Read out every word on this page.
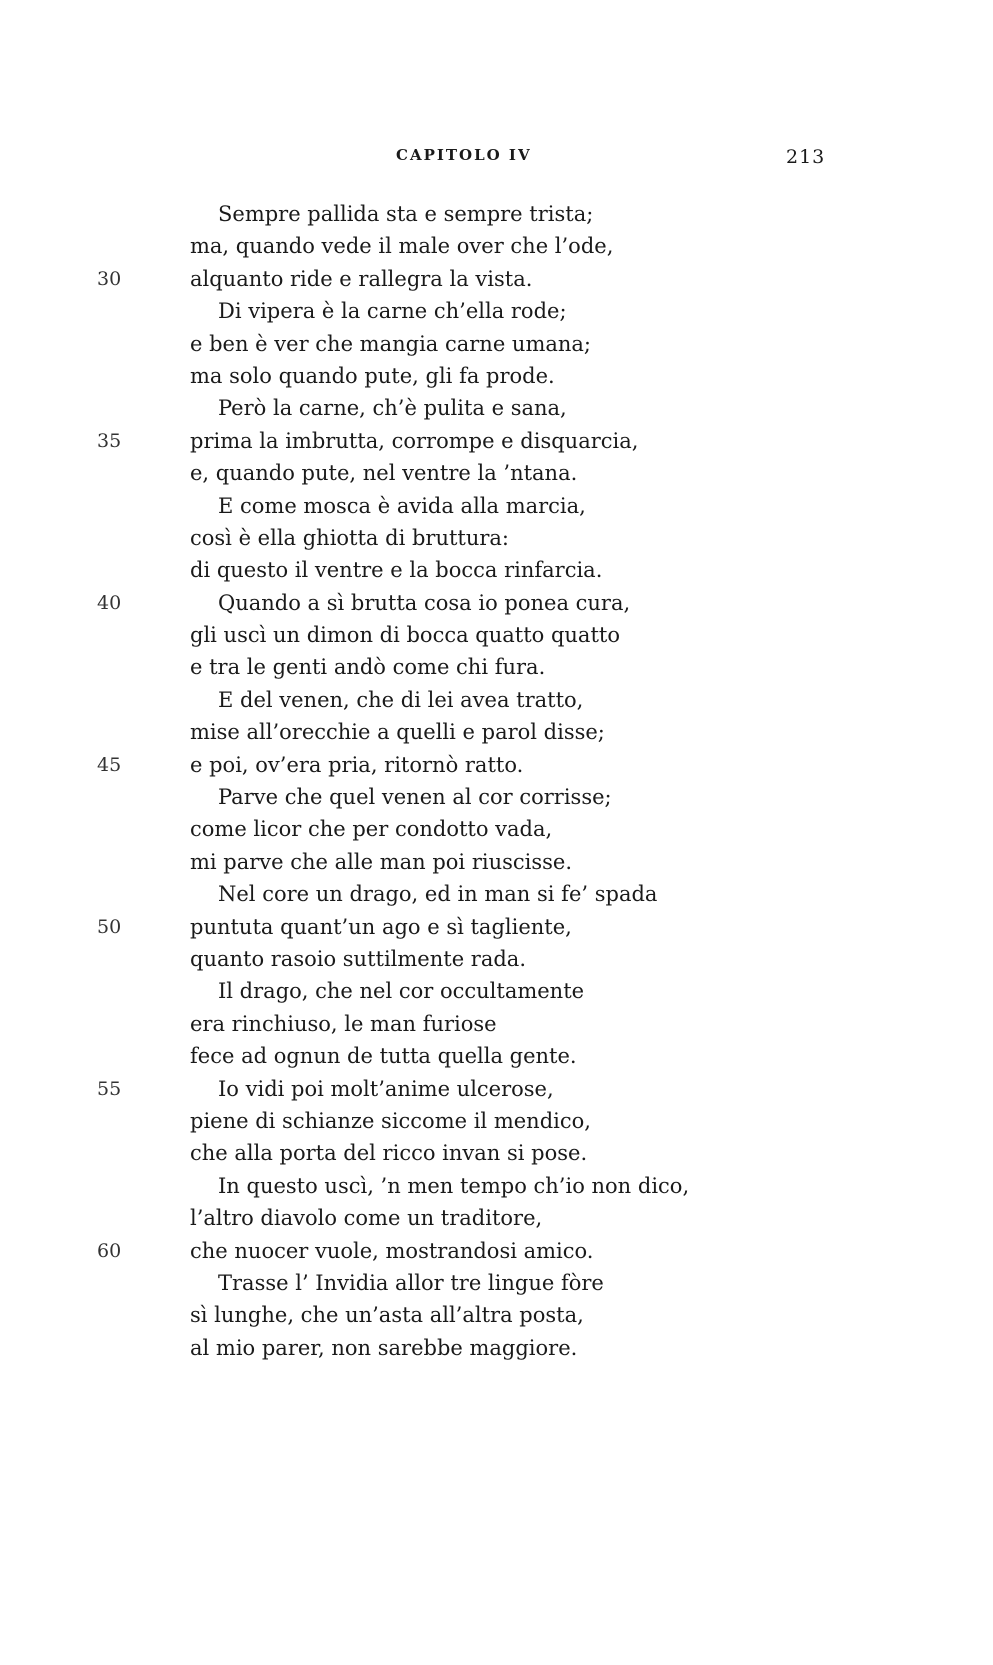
CAPITOLO IV	213
Sempre pallida sta e sempre trista;
ma, quando vede il male over che l’ode,
30	alquanto ride e rallegra la vista.
Di vipera è la carne ch’ella rode;
e ben è ver che mangia carne umana;
ma solo quando pute, gli fa prode.
Però la carne, ch’è pulita e sana,
35	prima la imbrutta, corrompe e disquarcia,
e, quando pute, nel ventre la ’ntana.
E come mosca è avida alla marcia,
così è ella ghiotta di bruttura:
di questo il ventre e la bocca rinfarcia.
40	Quando a sì brutta cosa io ponea cura,
gli uscì un dimon di bocca quatto quatto
e tra le genti andò come chi fura.
E del venen, che di lei avea tratto,
mise all’orecchie a quelli e parol disse;
45	e poi, ov’era pria, ritornò ratto.
Parve che quel venen al cor corrisse;
come licor che per condotto vada,
mi parve che alle man poi riuscisse.
Nel core un drago, ed in man si fe’ spada
50	puntuta quant’un ago e sì tagliente,
quanto rasoio suttilmente rada.
Il drago, che nel cor occultamente
era rinchiuso, le man furiose
fece ad ognun de tutta quella gente.
55	Io vidi poi molt’anime ulcerose,
piene di schianze siccome il mendico,
che alla porta del ricco invan si pose.
In questo uscì, ’n men tempo ch’io non dico,
l’altro diavolo come un traditore,
60	che nuocer vuole, mostrandosi amico.
Trasse l’ Invidia allor tre lingue fòre
sì lunghe, che un’asta all’altra posta,
al mio parer, non sarebbe maggiore.
